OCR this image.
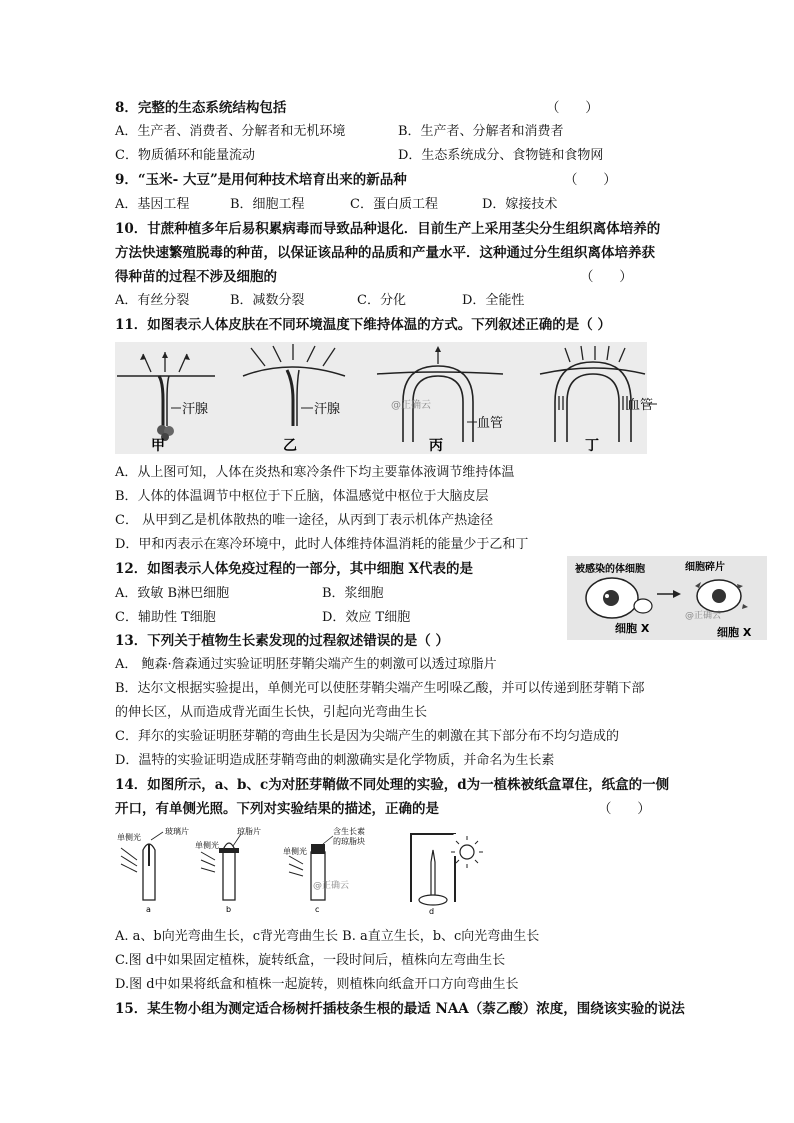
8．完整的生态系统结构包括	（      ）
A．生产者、消费者、分解者和无机环境	B．生产者、分解者和消费者
C．物质循环和能量流动	D．生态系统成分、食物链和食物网
9．“玉米- 大豆”是用何种技术培育出来的新品种	（      ）
A．基因工程	B．细胞工程	C．蛋白质工程	D．嫁接技术
10．甘蔗种植多年后易积累病毒而导致品种退化．目前生产上采用茎尖分生组织离体培养的
方法快速繁殖脱毒的种苗，以保证该品种的品质和产量水平．这种通过分生组织离体培养获
得种苗的过程不涉及细胞的	（      ）
A．有丝分裂	B．减数分裂	C．分化	D．全能性
11．如图表示人体皮肤在不同环境温度下维持体温的方式。下列叙述正确的是（ ）
汗腺
甲
汗腺
乙
血管
@正确云
丙	丁
血管
A．从上图可知，人体在炎热和寒冷条件下均主要靠体液调节维持体温
B．人体的体温调节中枢位于下丘脑，体温感觉中枢位于大脑皮层
C． 从甲到乙是机体散热的唯一途径，从丙到丁表示机体产热途径
D．甲和丙表示在寒冷环境中，此时人体维持体温消耗的能量少于乙和丁
12．如图表示人体免疫过程的一部分，其中细胞 X代表的是
A．致敏 B淋巴细胞	B．浆细胞
C．辅助性 T细胞	D．效应 T细胞
被感染的体细胞	细胞碎片
@正确云
细胞 X	细胞 X
13．下列关于植物生长素发现的过程叙述错误的是（ ）
A． 鲍森·詹森通过实验证明胚芽鞘尖端产生的刺激可以透过琼脂片
B．达尔文根据实验提出，单侧光可以使胚芽鞘尖端产生吲哚乙酸，并可以传递到胚芽鞘下部
的伸长区，从而造成背光面生长快，引起向光弯曲生长
C．拜尔的实验证明胚芽鞘的弯曲生长是因为尖端产生的刺激在其下部分布不均匀造成的
D．温特的实验证明造成胚芽鞘弯曲的刺激确实是化学物质，并命名为生长素
14．如图所示，a、b、c为对胚芽鞘做不同处理的实验，d为一植株被纸盒罩住，纸盒的一侧
开口，有单侧光照。下列对实验结果的描述，正确的是	（      ）
单侧光
玻璃片
a
单侧光
琼脂片
b
单侧光
含生长素
的琼脂块
@正确云
c	d
A. a、b向光弯曲生长，c背光弯曲生长 B. a直立生长，b、c向光弯曲生长
C.图 d中如果固定植株，旋转纸盒，一段时间后，植株向左弯曲生长
D.图 d中如果将纸盒和植株一起旋转，则植株向纸盒开口方向弯曲生长
15．某生物小组为测定适合杨树扦插枝条生根的最适 NAA（萘乙酸）浓度，围绕该实验的说法
